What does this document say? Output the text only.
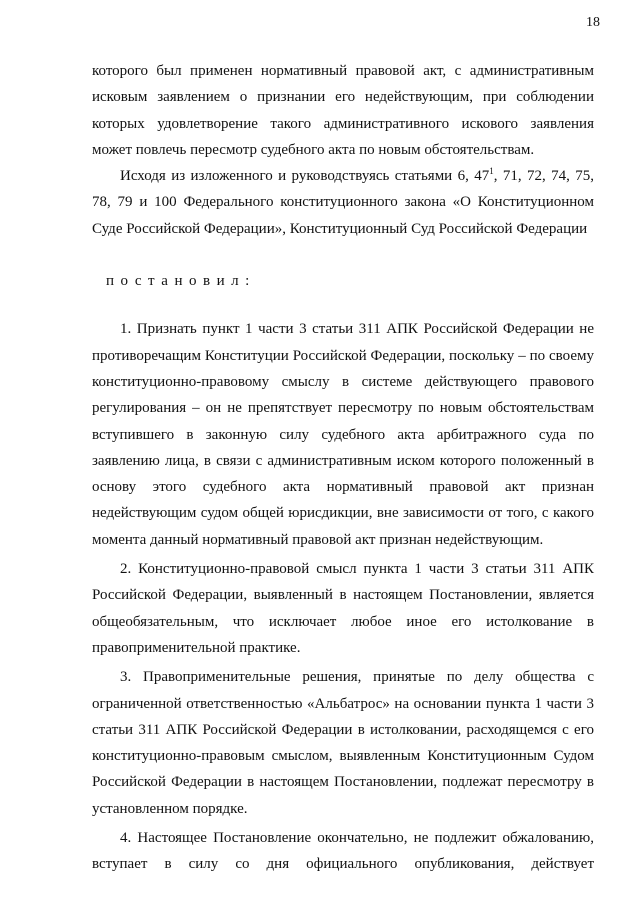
18

которого был применен нормативный правовой акт, с административным исковым заявлением о признании его недействующим, при соблюдении которых удовлетворение такого административного искового заявления может повлечь пересмотр судебного акта по новым обстоятельствам.

Исходя из изложенного и руководствуясь статьями 6, $47^1$, 71, 72, 74, 75, 78, 79 и 100 Федерального конституционного закона «О Конституционном Суде Российской Федерации», Конституционный Суд Российской Федерации

постановил:

1. Признать пункт 1 части 3 статьи 311 АПК Российской Федерации не противоречащим Конституции Российской Федерации, поскольку – по своему конституционно-правовому смыслу в системе действующего правового регулирования – он не препятствует пересмотру по новым обстоятельствам вступившего в законную силу судебного акта арбитражного суда по заявлению лица, в связи с административным иском которого положенный в основу этого судебного акта нормативный правовой акт признан недействующим судом общей юрисдикции, вне зависимости от того, с какого момента данный нормативный правовой акт признан недействующим.

2. Конституционно-правовой смысл пункта 1 части 3 статьи 311 АПК Российской Федерации, выявленный в настоящем Постановлении, является общеобязательным, что исключает любое иное его истолкование в правоприменительной практике.

3. Правоприменительные решения, принятые по делу общества с ограниченной ответственностью «Альбатрос» на основании пункта 1 части 3 статьи 311 АПК Российской Федерации в истолковании, расходящемся с его конституционно-правовым смыслом, выявленным Конституционным Судом Российской Федерации в настоящем Постановлении, подлежат пересмотру в установленном порядке.

4. Настоящее Постановление окончательно, не подлежит обжалованию, вступает в силу со дня официального опубликования, действует
